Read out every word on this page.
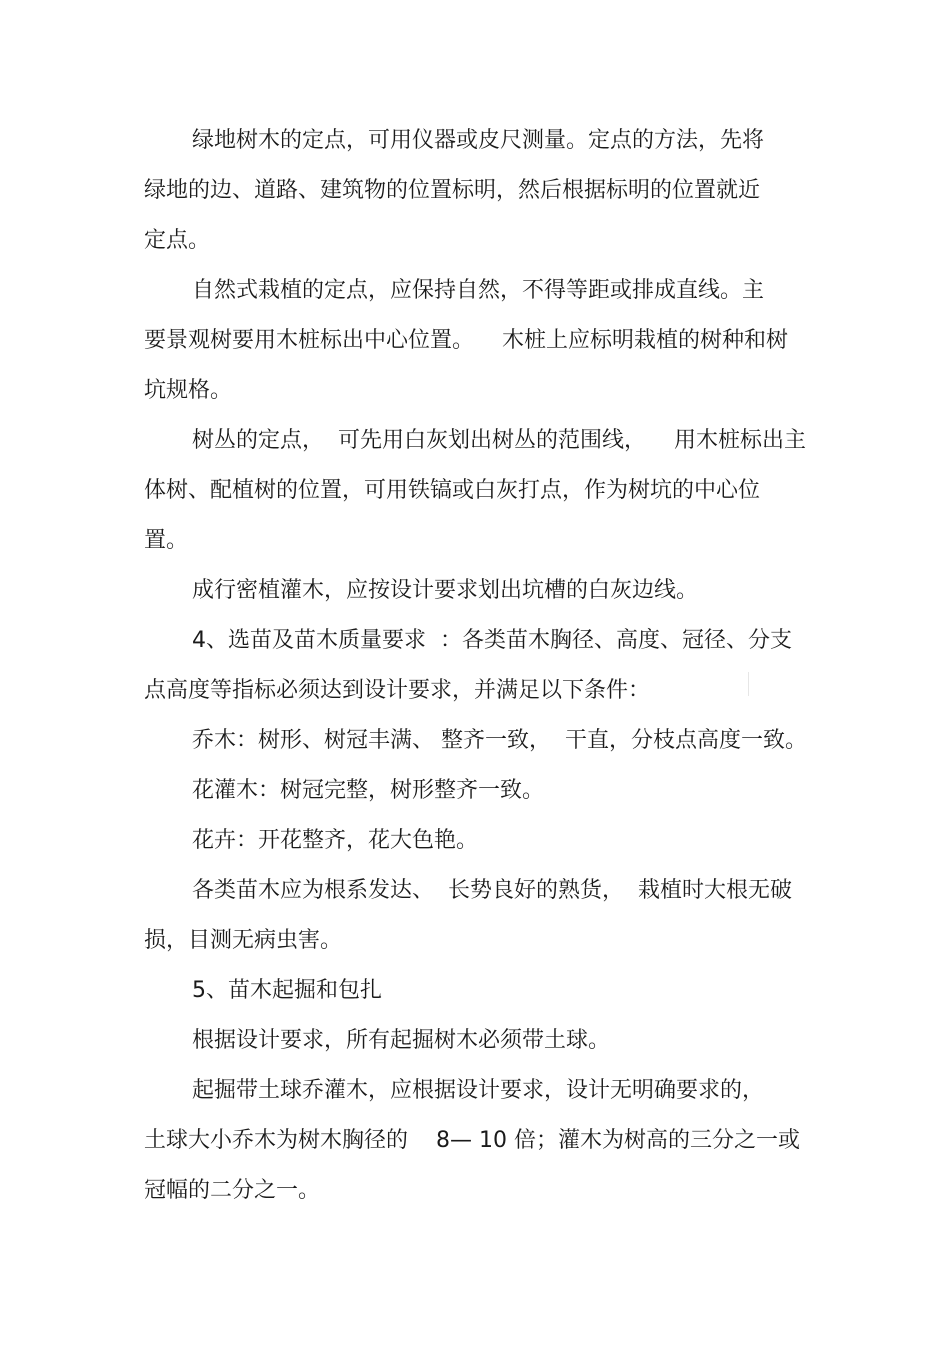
绿地树木的定点，可用仪器或皮尺测量。定点的方法，先将
绿地的边、道路、建筑物的位置标明，然后根据标明的位置就近
定点。
自然式栽植的定点，应保持自然，不得等距或排成直线。主
要景观树要用木桩标出中心位置。    木桩上应标明栽植的树种和树
坑规格。
树丛的定点，  可先用白灰划出树丛的范围线，    用木桩标出主
体树、配植树的位置，可用铁镐或白灰打点，作为树坑的中心位
置。
成行密植灌木，应按设计要求划出坑槽的白灰边线。
4、选苗及苗木质量要求  ：各类苗木胸径、高度、冠径、分支
点高度等指标必须达到设计要求，并满足以下条件：
乔木：树形、树冠丰满、 整齐一致，  干直，分枝点高度一致。
花灌木：树冠完整，树形整齐一致。
花卉：开花整齐，花大色艳。
各类苗木应为根系发达、  长势良好的熟货，  栽植时大根无破
损，目测无病虫害。
5、苗木起掘和包扎
根据设计要求，所有起掘树木必须带土球。
起掘带土球乔灌木，应根据设计要求，设计无明确要求的，
土球大小乔木为树木胸径的    8— 10 倍；灌木为树高的三分之一或
冠幅的二分之一。
